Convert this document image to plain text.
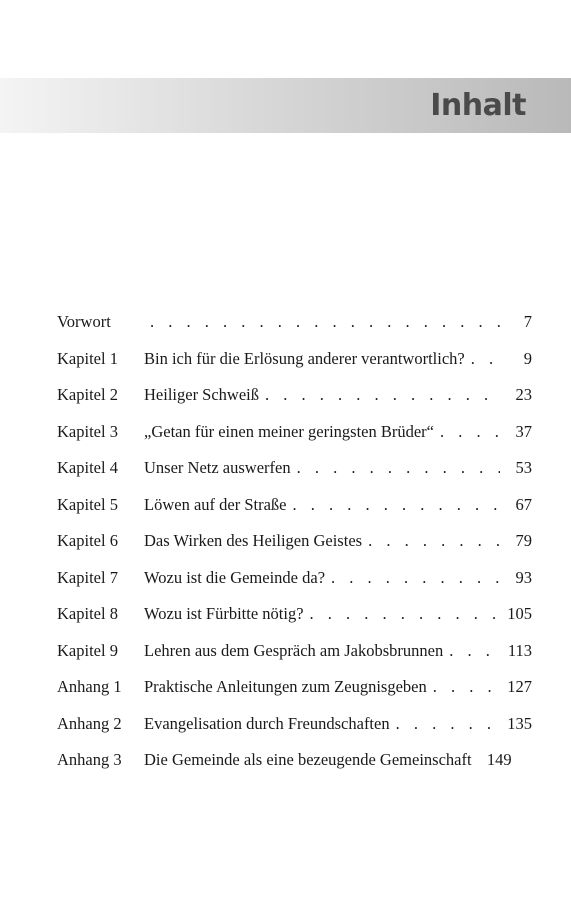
Inhalt
Vorwort . . .	7
Kapitel 1 Bin ich für die Erlösung anderer verantwortlich? . . .	9
Kapitel 2 Heiliger Schweiß . . .	23
Kapitel 3 „Getan für einen meiner geringsten Brüder“ . . .	37
Kapitel 4 Unser Netz auswerfen . . .	53
Kapitel 5 Löwen auf der Straße . . .	67
Kapitel 6 Das Wirken des Heiligen Geistes . . .	79
Kapitel 7 Wozu ist die Gemeinde da? . . .	93
Kapitel 8 Wozu ist Fürbitte nötig? . . .	105
Kapitel 9 Lehren aus dem Gespräch am Jakobsbrunnen . . .	113
Anhang 1 Praktische Anleitungen zum Zeugnisgeben . . .	127
Anhang 2 Evangelisation durch Freundschaften . . .	135
Anhang 3 Die Gemeinde als eine bezeugende Gemeinschaft 149
